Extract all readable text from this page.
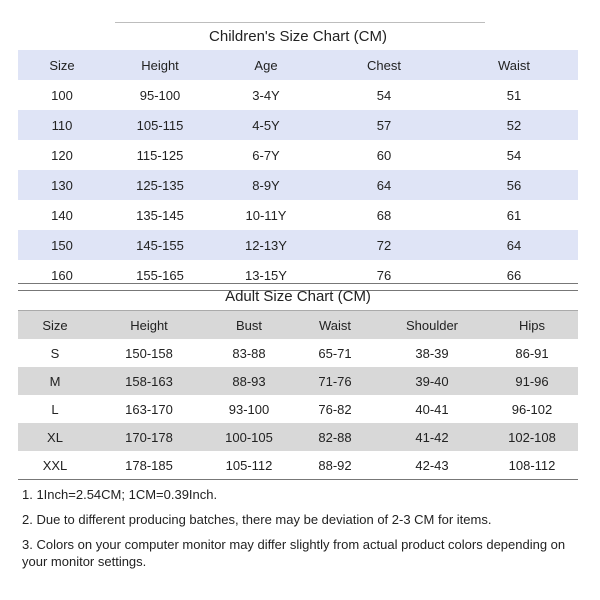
Children's Size Chart (CM)
Size	Height	Age	Chest	Waist
100	95-100	3-4Y	54	51
110	105-115	4-5Y	57	52
120	115-125	6-7Y	60	54
130	125-135	8-9Y	64	56
140	135-145	10-11Y	68	61
150	145-155	12-13Y	72	64
160	155-165	13-15Y	76	66
Adult Size Chart (CM)
Size	Height	Bust	Waist	Shoulder	Hips
S	150-158	83-88	65-71	38-39	86-91
M	158-163	88-93	71-76	39-40	91-96
L	163-170	93-100	76-82	40-41	96-102
XL	170-178	100-105	82-88	41-42	102-108
XXL	178-185	105-112	88-92	42-43	108-112

1. 1Inch=2.54CM; 1CM=0.39Inch.

2. Due to different producing batches, there may be deviation of 2-3 CM for items.

3. Colors on your computer monitor may differ slightly from actual product colors depending on your monitor settings.
